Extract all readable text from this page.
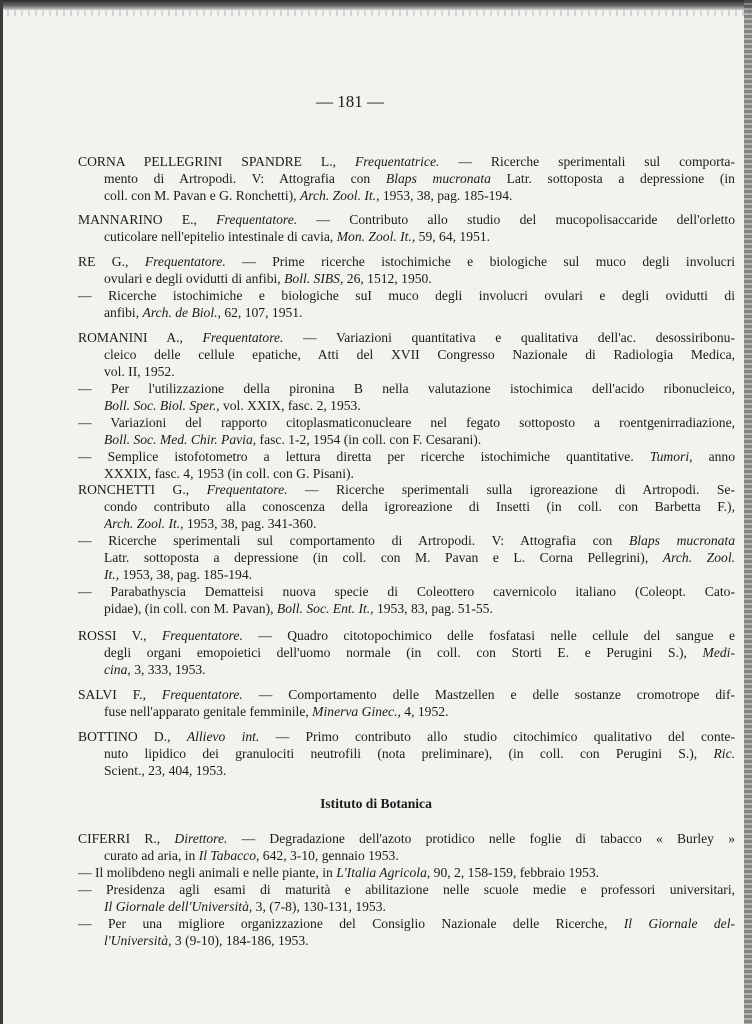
— 181 —
CORNA PELLEGRINI SPANDRE L., Frequentatrice. — Ricerche sperimentali sul comporta-
mento di Artropodi. V: Attografia con Blaps mucronata Latr. sottoposta a depressione (in
coll. con M. Pavan e G. Ronchetti), Arch. Zool. It., 1953, 38, pag. 185-194.
MANNARINO E., Frequentatore. — Contributo allo studio del mucopolisaccaride dell'orletto
cuticolare nell'epitelio intestinale di cavia, Mon. Zool. It., 59, 64, 1951.
RE G., Frequentatore. — Prime ricerche istochimiche e biologiche sul muco degli involucri
ovulari e degli ovidutti di anfibi, Boll. SIBS, 26, 1512, 1950.
— Ricerche istochimiche e biologiche suI muco degli involucri ovulari e degli ovidutti di
anfibi, Arch. de Biol., 62, 107, 1951.
ROMANINI A., Frequentatore. — Variazioni quantitativa e qualitativa dell'ac. desossiribonu-
cleico delle cellule epatiche, Atti del XVII Congresso Nazionale di Radiologia Medica,
vol. II, 1952.
— Per l'utilizzazione della pironina B nella valutazione istochimica dell'acido ribonucleico,
Boll. Soc. Biol. Sper., vol. XXIX, fasc. 2, 1953.
— Variazioni del rapporto citoplasmaticonucleare nel fegato sottoposto a roentgenirradiazione,
Boll. Soc. Med. Chir. Pavia, fasc. 1-2, 1954 (in coll. con F. Cesarani).
— Semplice istofotometro a lettura diretta per ricerche istochimiche quantitative. Tumori, anno
XXXIX, fasc. 4, 1953 (in coll. con G. Pisani).
RONCHETTI G., Frequentatore. — Ricerche sperimentali sulla igroreazione di Artropodi. Se-
condo contributo alla conoscenza della igroreazione di Insetti (in coll. con Barbetta F.),
Arch. Zool. It., 1953, 38, pag. 341-360.
— Ricerche sperimentali sul comportamento di Artropodi. V: Attografia con Blaps mucronata
Latr. sottoposta a depressione (in coll. con M. Pavan e L. Corna Pellegrini), Arch. Zool.
It., 1953, 38, pag. 185-194.
— Parabathyscia Dematteisi nuova specie di Coleottero cavernicolo italiano (Coleopt. Cato-
pidae), (in coll. con M. Pavan), Boll. Soc. Ent. It., 1953, 83, pag. 51-55.
ROSSI V., Frequentatore. — Quadro citotopochimico delle fosfatasi nelle cellule del sangue e
degli organi emopoietici dell'uomo normale (in coll. con Storti E. e Perugini S.), Medi-
cina, 3, 333, 1953.
SALVI F., Frequentatore. — Comportamento delle Mastzellen e delle sostanze cromotrope dif-
fuse nell'apparato genitale femminile, Minerva Ginec., 4, 1952.
BOTTINO D., Allievo int. — Primo contributo allo studio citochimico qualitativo del conte-
nuto lipidico dei granulociti neutrofili (nota preliminare), (in coll. con Perugini S.), Ric.
Scient., 23, 404, 1953.
CIFERRI R., Direttore. — Degradazione dell'azoto protidico nelle foglie di tabacco « Burley »
curato ad aria, in Il Tabacco, 642, 3-10, gennaio 1953.
— Il molibdeno negli animali e nelle piante, in L'Italia Agricola, 90, 2, 158-159, febbraio 1953.
— Presidenza agli esami di maturità e abilitazione nelle scuole medie e professori universitari,
Il Giornale dell'Università, 3, (7-8), 130-131, 1953.
— Per una migliore organizzazione del Consiglio Nazionale delle Ricerche, Il Giornale del-
l'Università, 3 (9-10), 184-186, 1953.
Istituto di Botanica
